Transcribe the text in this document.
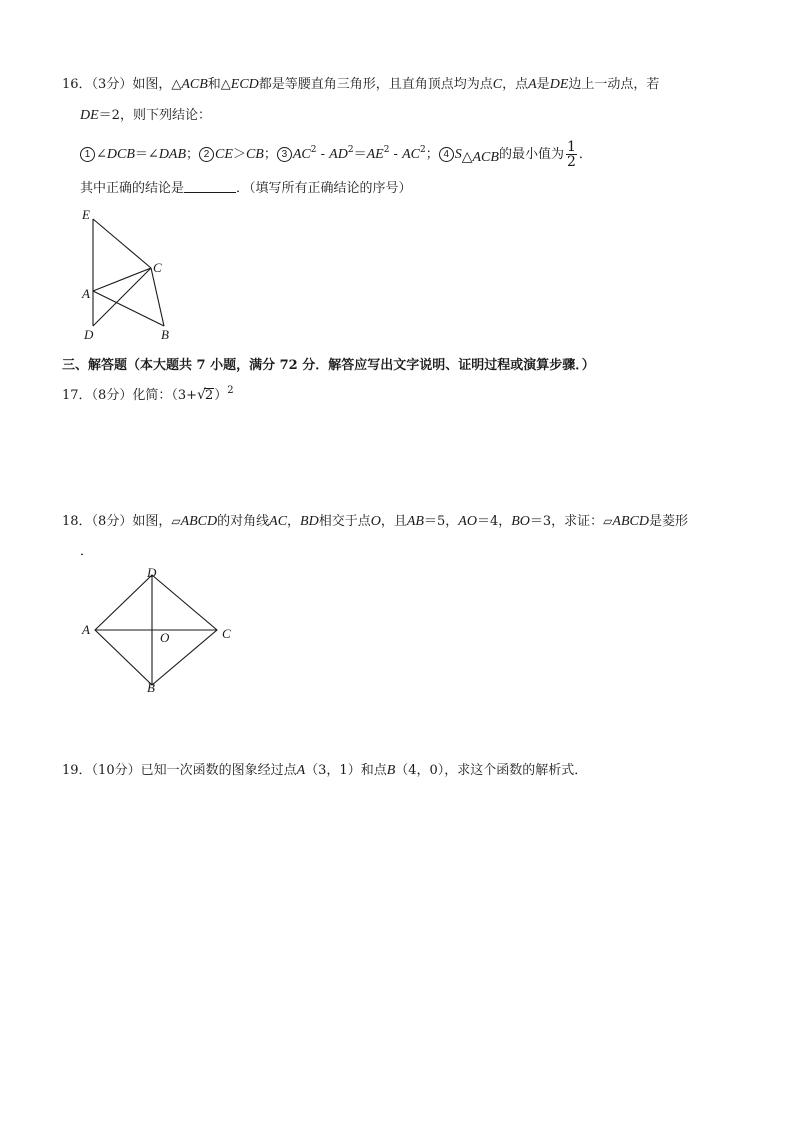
16．（3分）如图，△ACB和△ECD都是等腰直角三角形，且直角顶点均为点C，点A是DE边上一动点，若
DE＝2，则下列结论：
1 ∠DCB＝∠DAB； 2 CE＞CB； 3 $AC^2 - AD^2=AE^2 - AC^2$； 4 $S_{\triangle ACB}$的最小值为 $\frac{1}{2}$ ．
其中正确的结论是	．（填写所有正确结论的序号）
E
C
A
D	B
三、解答题（本大题共 7 小题，满分 72 分．解答应写出文字说明、证明过程或演算步骤．）
17．（8分）化简：（3+ √ 2）$^2$
18．（8分）如图，▱ABCD的对角线AC，BD相交于点O，且AB＝5，AO＝4，BO＝3，求证：▱ABCD是菱形
．
D
A
O	C
B
19．（10分）已知一次函数的图象经过点A（3，1）和点B（4，0），求这个函数的解析式．
